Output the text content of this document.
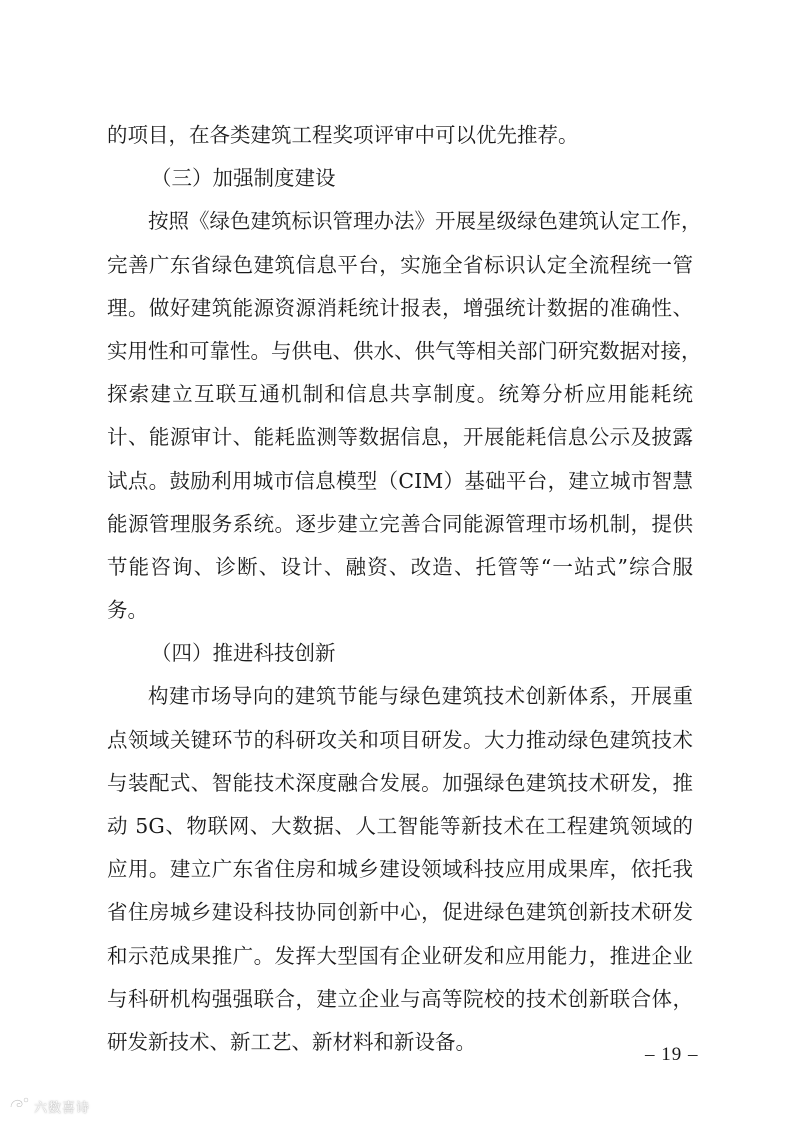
的项目，在各类建筑工程奖项评审中可以优先推荐。
（三）加强制度建设
按照《绿色建筑标识管理办法》开展星级绿色建筑认定工作，
完善广东省绿色建筑信息平台，实施全省标识认定全流程统一管
理。做好建筑能源资源消耗统计报表，增强统计数据的准确性、
实用性和可靠性。与供电、供水、供气等相关部门研究数据对接，
探索建立互联互通机制和信息共享制度。统筹分析应用能耗统
计、能源审计、能耗监测等数据信息，开展能耗信息公示及披露
试点。鼓励利用城市信息模型（CIM）基础平台，建立城市智慧
能源管理服务系统。逐步建立完善合同能源管理市场机制，提供
节能咨询、诊断、设计、融资、改造、托管等“一站式”综合服
务。
（四）推进科技创新
构建市场导向的建筑节能与绿色建筑技术创新体系，开展重
点领域关键环节的科研攻关和项目研发。大力推动绿色建筑技术
与装配式、智能技术深度融合发展。加强绿色建筑技术研发，推
动 5G、物联网、大数据、人工智能等新技术在工程建筑领域的
应用。建立广东省住房和城乡建设领域科技应用成果库，依托我
省住房城乡建设科技协同创新中心，促进绿色建筑创新技术研发
和示范成果推广。发挥大型国有企业研发和应用能力，推进企业
与科研机构强强联合，建立企业与高等院校的技术创新联合体，
研发新技术、新工艺、新材料和新设备。
– 19 –
六数喜诗
